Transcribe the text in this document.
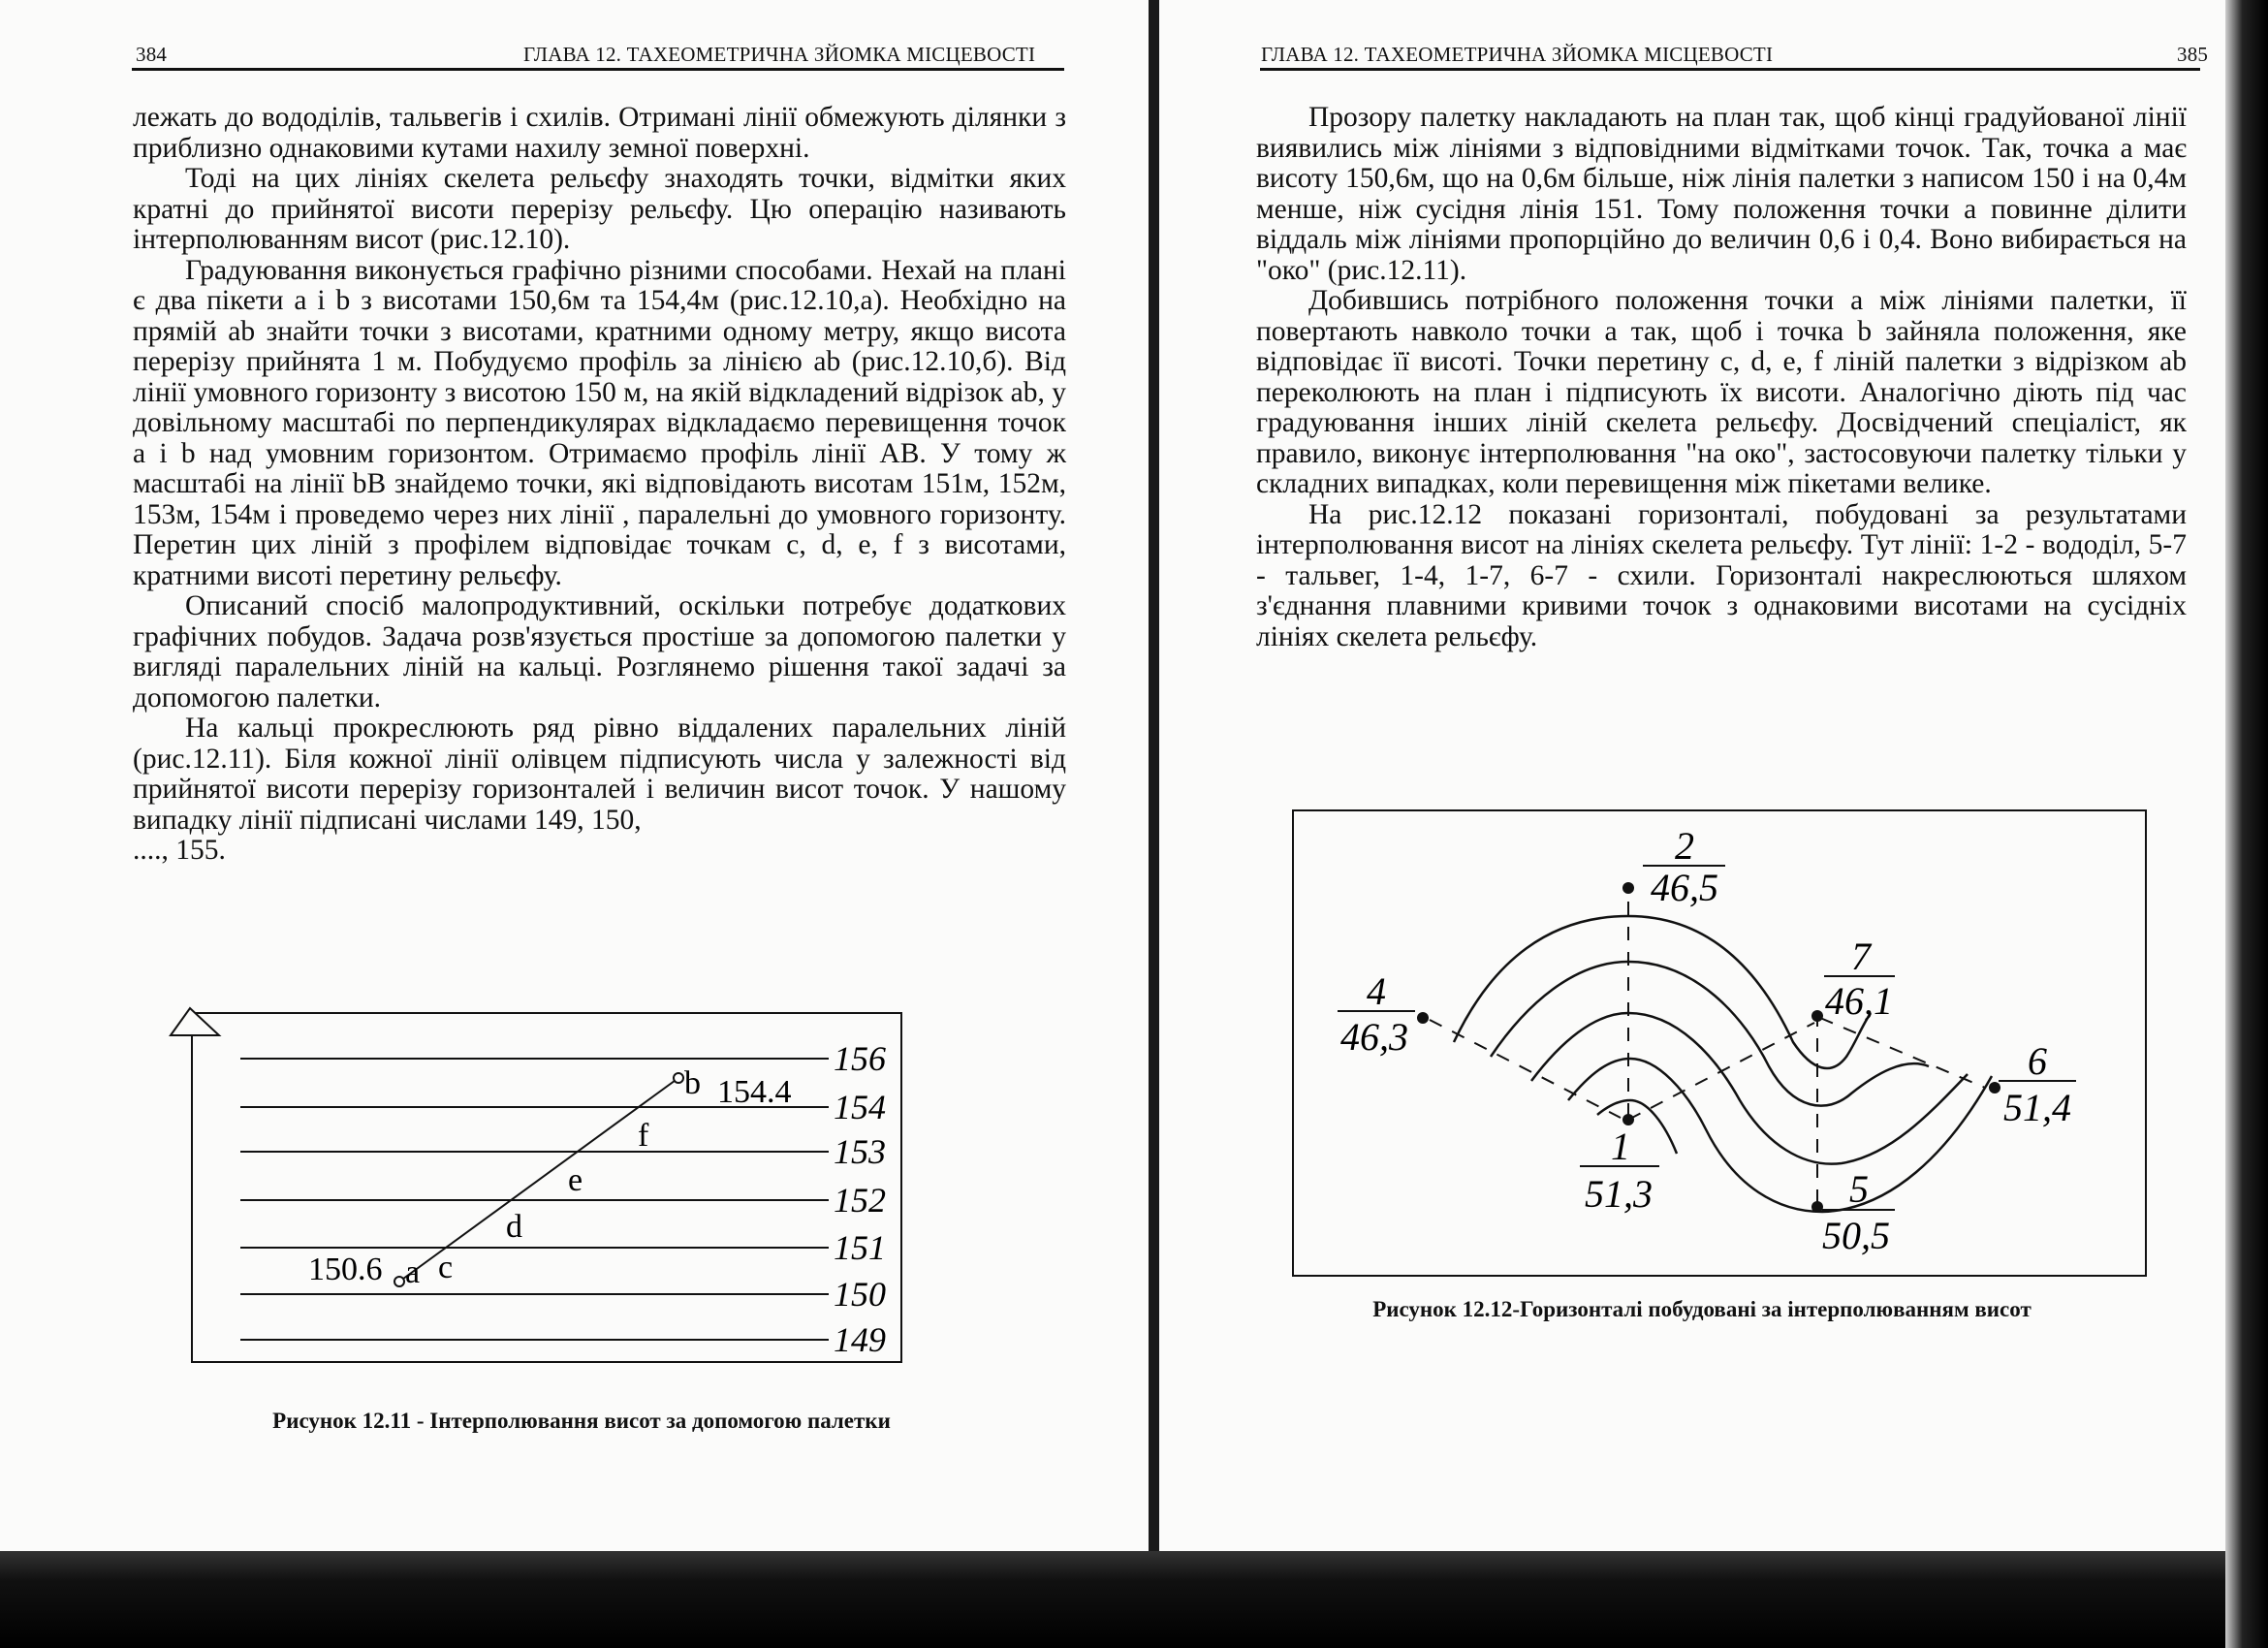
384	ГЛАВА 12. ТАХЕОМЕТРИЧНА ЗЙОМКА МІСЦЕВОСТІ

лежать до вододілів, тальвегів і схилів. Отримані лінії обмежують ділянки з приблизно однаковими кутами нахилу земної поверхні.

Тоді на цих лініях скелета рельєфу знаходять точки, відмітки яких кратні до прийнятої висоти перерізу рельєфу. Цю операцію називають інтерполюванням висот (рис.12.10).

Градуювання виконується графічно різними способами. Нехай на плані є два пікети a і b з висотами 150,6м та 154,4м (рис.12.10,а). Необхідно на прямій ab знайти точки з висотами, кратними одному метру, якщо висота перерізу прийнята 1 м. Побудуємо профіль за лінією ab (рис.12.10,б). Від лінії умовного горизонту з висотою 150 м, на якій відкладений відрізок ab, у довільному масштабі по перпендикулярах відкладаємо перевищення точок a і b над умовним горизонтом. Отримаємо профіль лінії AB. У тому ж масштабі на лінії bB знайдемо точки, які відповідають висотам 151м, 152м, 153м, 154м і проведемо через них лінії , паралельні до умовного горизонту. Перетин цих ліній з профілем відповідає точкам c, d, e, f з висотами, кратними висоті перетину рельєфу.

Описаний спосіб малопродуктивний, оскільки потребує додаткових графічних побудов. Задача розв'язується простіше за допомогою палетки у вигляді паралельних ліній на кальці. Розглянемо рішення такої задачі за допомогою палетки.

На кальці прокреслюють ряд рівно віддалених паралельних ліній (рис.12.11). Біля кожної лінії олівцем підписують числа у залежності від прийнятої висоти перерізу горизонталей і величин висот точок. У нашому випадку лінії підписані числами 149, 150,

...., 155.

156
154
153
152
151
150
149
b 154.4
f
e
d
150.6 a c
Рисунок 12.11 - Інтерполювання висот за допомогою палетки
ГЛАВА 12. ТАХЕОМЕТРИЧНА ЗЙОМКА МІСЦЕВОСТІ	385

Прозору палетку накладають на план так, щоб кінці градуйованої лінії виявились між лініями з відповідними відмітками точок. Так, точка a має висоту 150,6м, що на 0,6м більше, ніж лінія палетки з написом 150 і на 0,4м менше, ніж сусідня лінія 151. Тому положення точки a повинне ділити віддаль між лініями пропорційно до величин 0,6 і 0,4. Воно вибирається на "око" (рис.12.11).

Добившись потрібного положення точки a між лініями палетки, її повертають навколо точки a так, щоб і точка b зайняла положення, яке відповідає її висоті. Точки перетину c, d, e, f ліній палетки з відрізком ab переколюють на план і підписують їх висоти. Аналогічно діють під час градуювання інших ліній скелета рельєфу. Досвідчений спеціаліст, як правило, виконує інтерполювання "на око", застосовуючи палетку тільки у складних випадках, коли перевищення між пікетами велике.

На рис.12.12 показані горизонталі, побудовані за результатами інтерполювання висот на лініях скелета рельєфу. Тут лінії: 1-2 - вододіл, 5-7 - тальвег, 1-4, 1-7, 6-7 - схили. Горизонталі накреслюються шляхом з'єднання плавними кривими точок з однаковими висотами на сусідніх лініях скелета рельєфу.

2
46,5
4
46,3
7
46,1
6
51,4
1
51,3	5
50,5
Рисунок 12.12-Горизонталі побудовані за інтерполюванням висот
